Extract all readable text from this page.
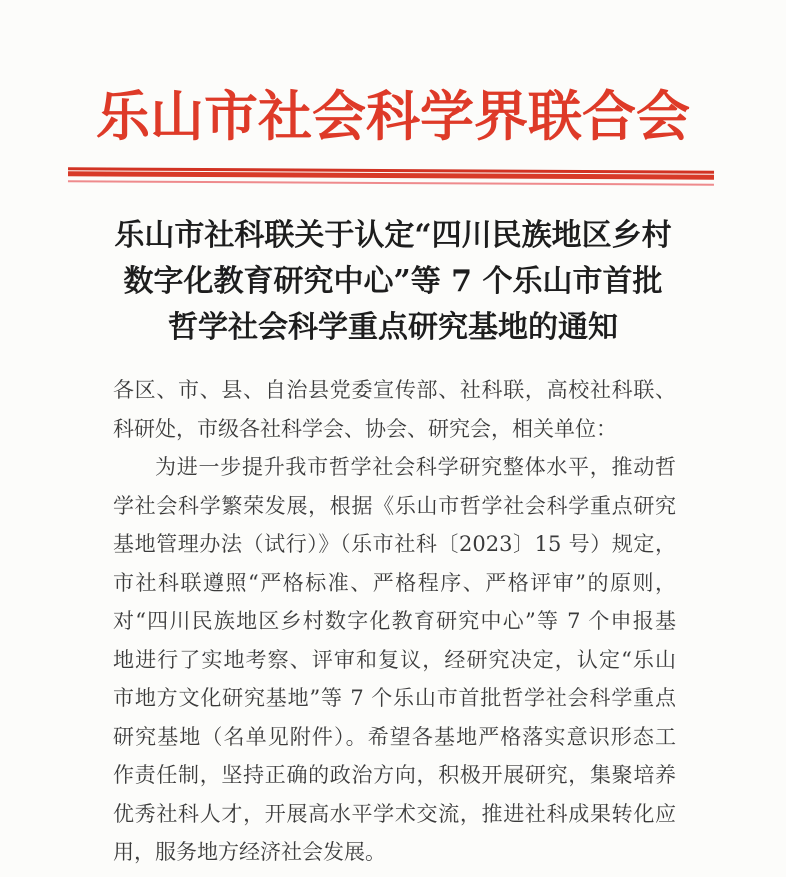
乐山市社会科学界联合会
乐山市社科联关于认定“四川民族地区乡村
数字化教育研究中心”等 7 个乐山市首批
哲学社会科学重点研究基地的通知
各区、市、县、自治县党委宣传部、社科联，高校社科联、
科研处，市级各社科学会、协会、研究会，相关单位：
为进一步提升我市哲学社会科学研究整体水平，推动哲
学社会科学繁荣发展，根据《乐山市哲学社会科学重点研究
基地管理办法（试行）》（乐市社科〔2023〕15 号）规定，
市社科联遵照“严格标准、严格程序、严格评审”的原则，
对“四川民族地区乡村数字化教育研究中心”等 7 个申报基
地进行了实地考察、评审和复议，经研究决定，认定“乐山
市地方文化研究基地”等 7 个乐山市首批哲学社会科学重点
研究基地（名单见附件）。希望各基地严格落实意识形态工
作责任制，坚持正确的政治方向，积极开展研究，集聚培养
优秀社科人才，开展高水平学术交流，推进社科成果转化应
用，服务地方经济社会发展。
